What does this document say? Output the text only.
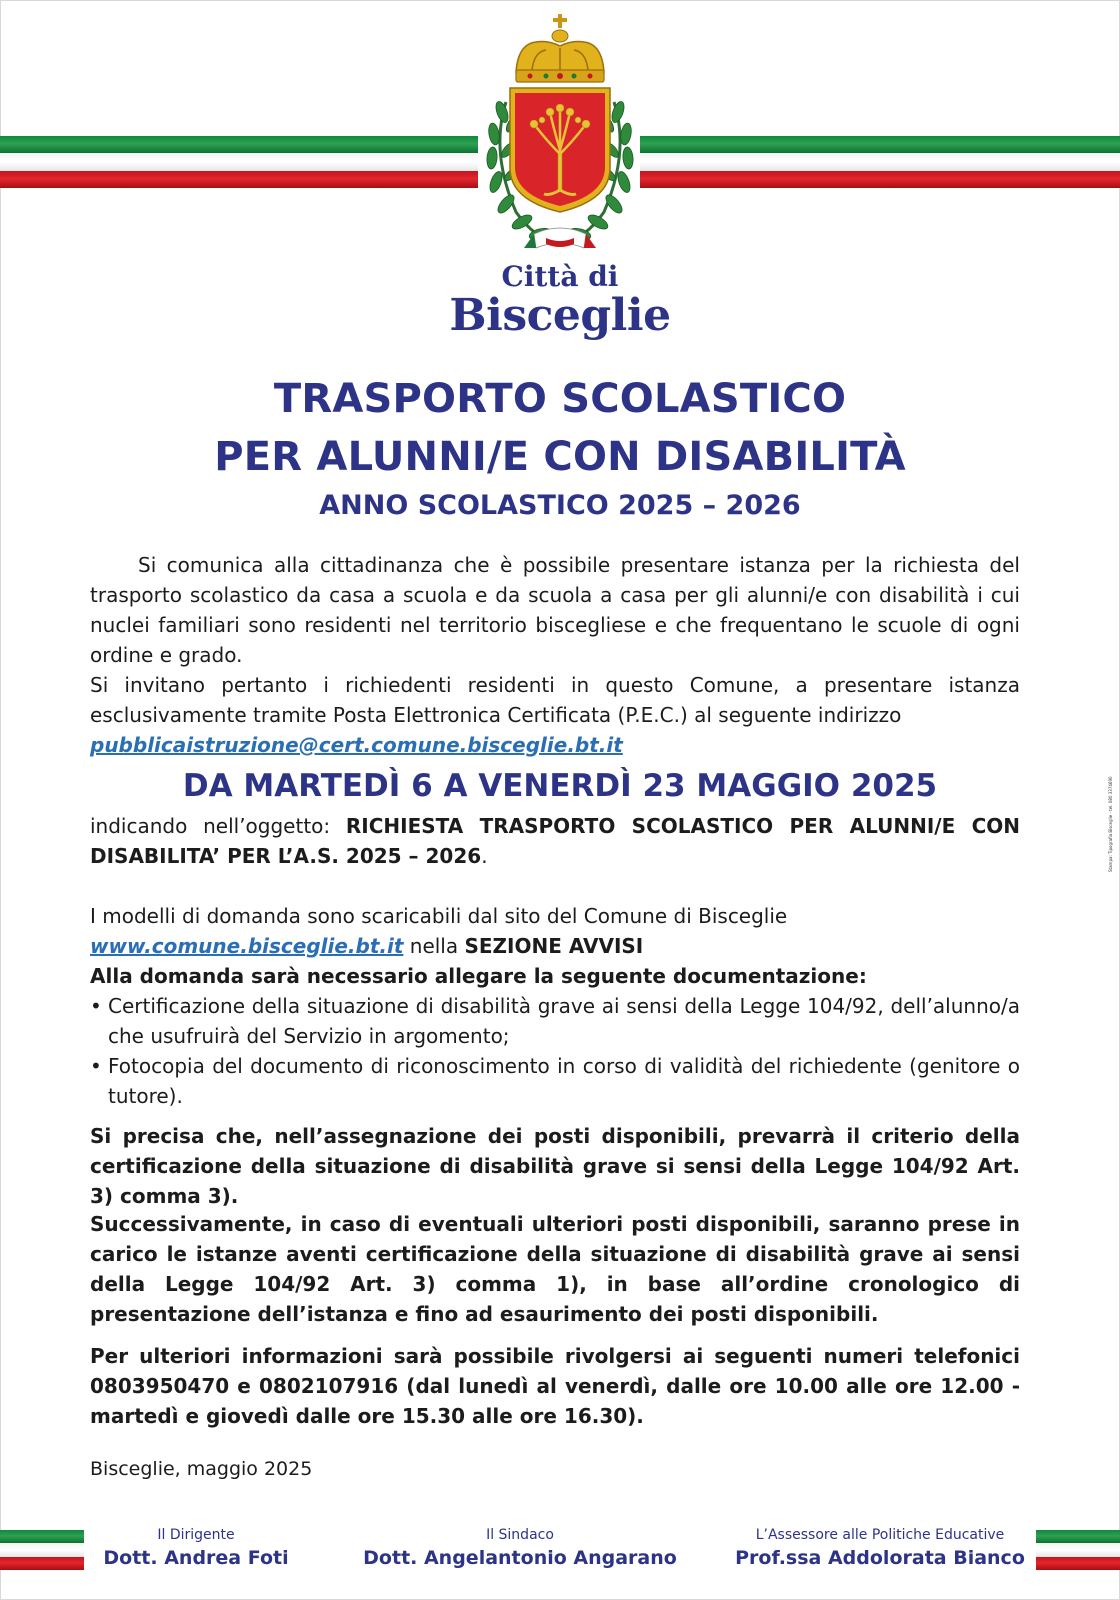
Città di
Bisceglie
TRASPORTO SCOLASTICO
PER ALUNNI/E CON DISABILITÀ
ANNO SCOLASTICO 2025 – 2026
Si comunica alla cittadinanza che è possibile presentare istanza per la richiesta del trasporto scolastico da casa a scuola e da scuola a casa per gli alunni/e con disabilità i cui nuclei familiari sono residenti nel territorio biscegliese e che frequentano le scuole di ogni ordine e grado.
Si invitano pertanto i richiedenti residenti in questo Comune, a presentare istanza esclusivamente tramite Posta Elettronica Certificata (P.E.C.) al seguente indirizzo
pubblicaistruzione@cert.comune.bisceglie.bt.it
DA MARTEDÌ 6 A VENERDÌ 23 MAGGIO 2025
indicando nell’oggetto: RICHIESTA TRASPORTO SCOLASTICO PER ALUNNI/E CON DISABILITA’ PER L’A.S. 2025 – 2026.
I modelli di domanda sono scaricabili dal sito del Comune di Bisceglie
www.comune.bisceglie.bt.it nella SEZIONE AVVISI
Alla domanda sarà necessario allegare la seguente documentazione:
• Certificazione della situazione di disabilità grave ai sensi della Legge 104/92, dell’alunno/a che usufruirà del Servizio in argomento;
• Fotocopia del documento di riconoscimento in corso di validità del richiedente (genitore o tutore).
Si precisa che, nell’assegnazione dei posti disponibili, prevarrà il criterio della certificazione della situazione di disabilità grave si sensi della Legge 104/92 Art. 3) comma 3).
Successivamente, in caso di eventuali ulteriori posti disponibili, saranno prese in carico le istanze aventi certificazione della situazione di disabilità grave ai sensi della Legge 104/92 Art. 3) comma 1), in base all’ordine cronologico di presentazione dell’istanza e fino ad esaurimento dei posti disponibili.
Per ulteriori informazioni sarà possibile rivolgersi ai seguenti numeri telefonici 0803950470 e 0802107916 (dal lunedì al venerdì, dalle ore 10.00 alle ore 12.00 - martedì e giovedì dalle ore 15.30 alle ore 16.30).
Bisceglie, maggio 2025
Il Dirigente
Dott. Andrea Foti
Il Sindaco
Dott. Angelantonio Angarano
L’Assessore alle Politiche Educative
Prof.ssa Addolorata Bianco
Stampa: Tipografia Bisceglie - tel. 080 3374690
